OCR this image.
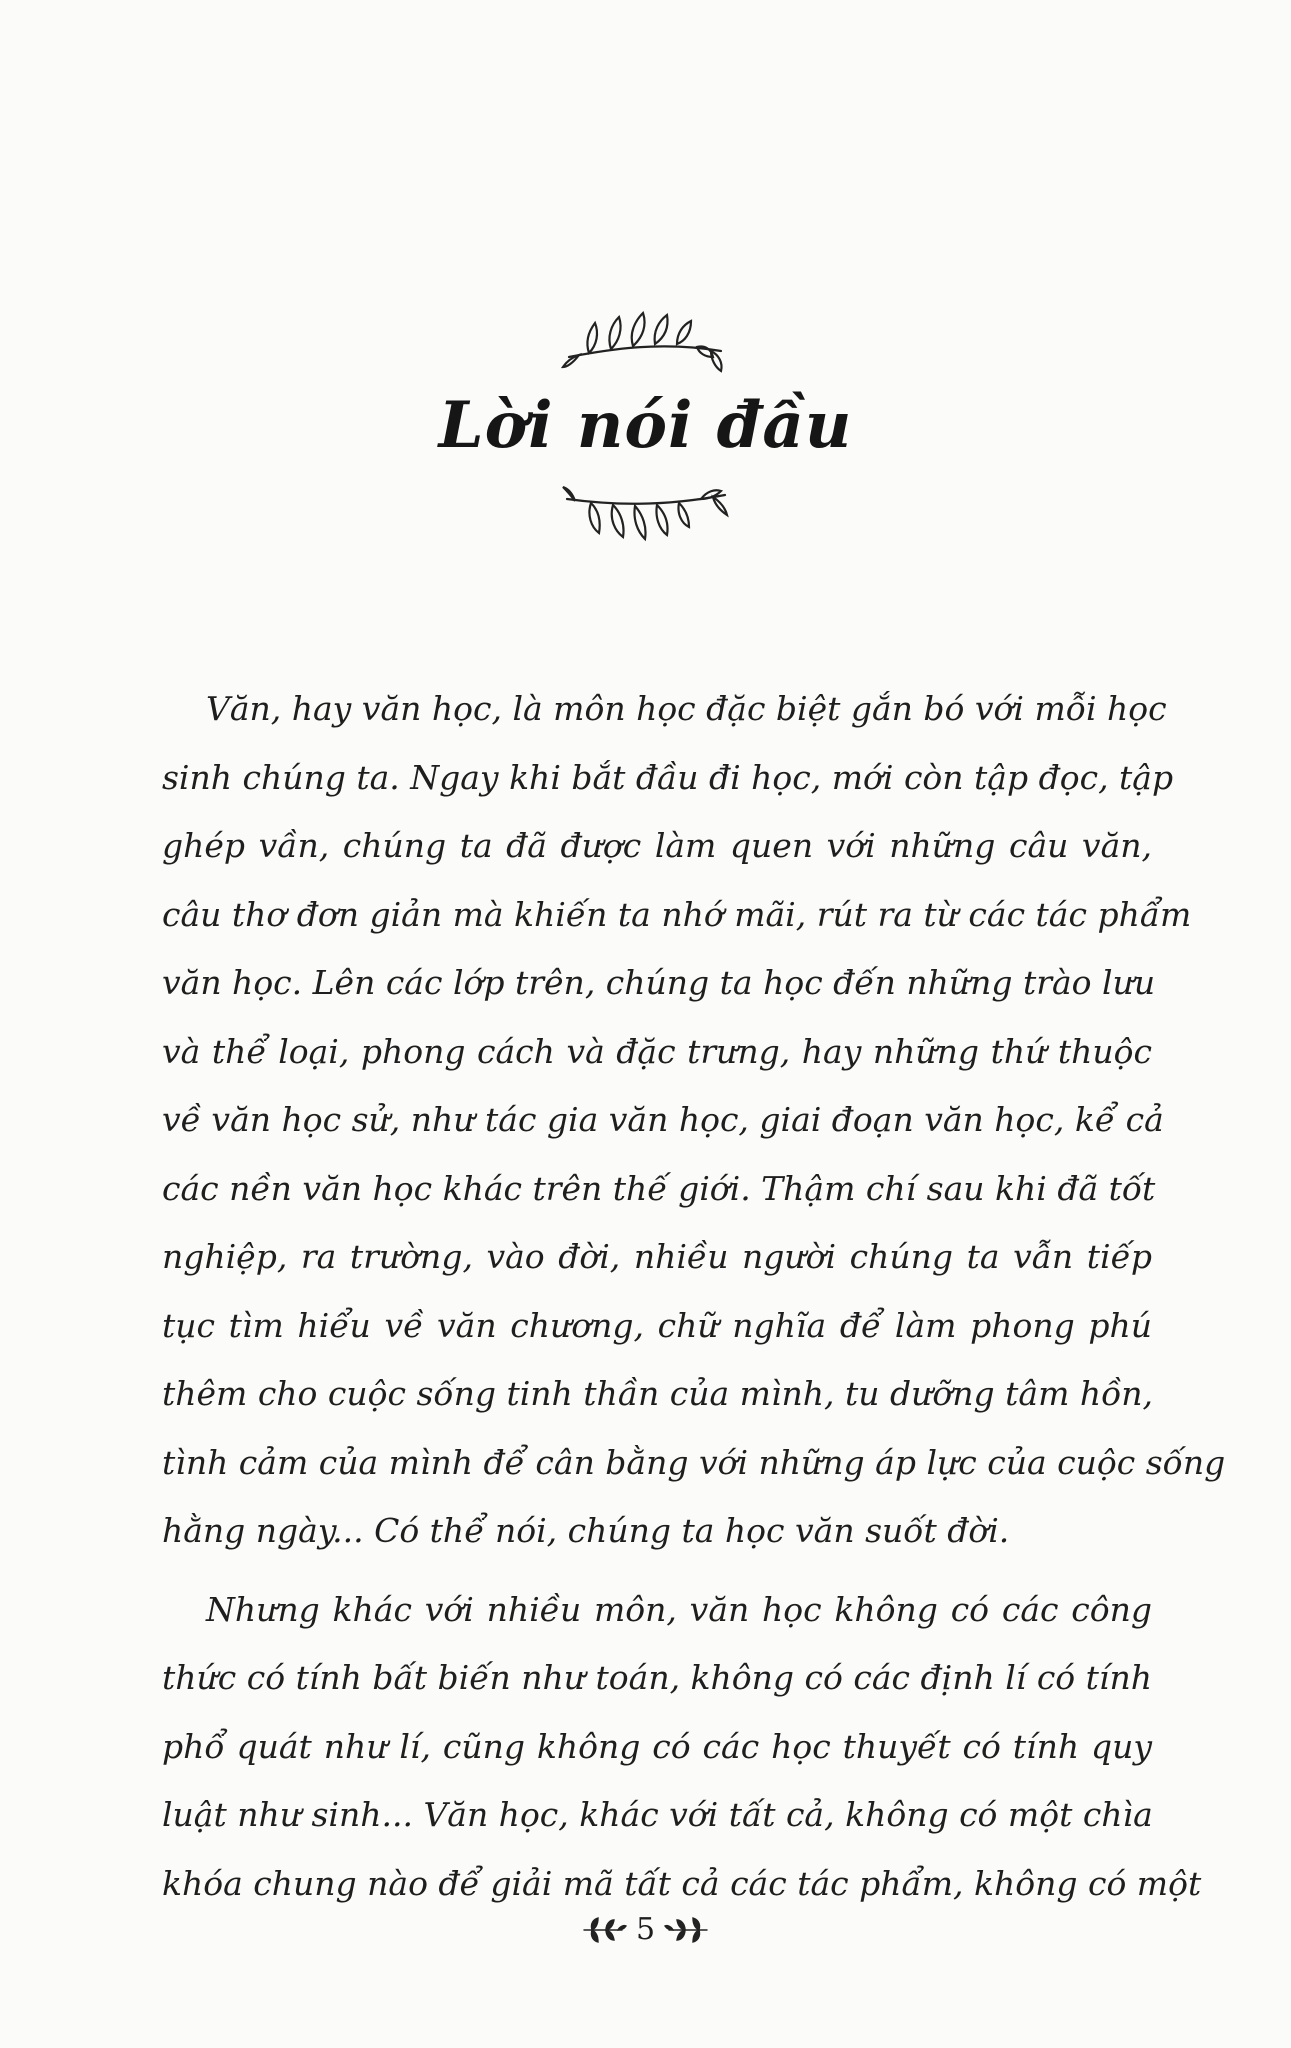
Lời nói đầu
Văn, hay văn học, là môn học đặc biệt gắn bó với mỗi học
sinh chúng ta. Ngay khi bắt đầu đi học, mới còn tập đọc, tập
ghép vần, chúng ta đã được làm quen với những câu văn,
câu thơ đơn giản mà khiến ta nhớ mãi, rút ra từ các tác phẩm
văn học. Lên các lớp trên, chúng ta học đến những trào lưu
và thể loại, phong cách và đặc trưng, hay những thứ thuộc
về văn học sử, như tác gia văn học, giai đoạn văn học, kể cả
các nền văn học khác trên thế giới. Thậm chí sau khi đã tốt
nghiệp, ra trường, vào đời, nhiều người chúng ta vẫn tiếp
tục tìm hiểu về văn chương, chữ nghĩa để làm phong phú
thêm cho cuộc sống tinh thần của mình, tu dưỡng tâm hồn,
tình cảm của mình để cân bằng với những áp lực của cuộc sống
hằng ngày... Có thể nói, chúng ta học văn suốt đời.
Nhưng khác với nhiều môn, văn học không có các công
thức có tính bất biến như toán, không có các định lí có tính
phổ quát như lí, cũng không có các học thuyết có tính quy
luật như sinh... Văn học, khác với tất cả, không có một chìa
khóa chung nào để giải mã tất cả các tác phẩm, không có một
5
